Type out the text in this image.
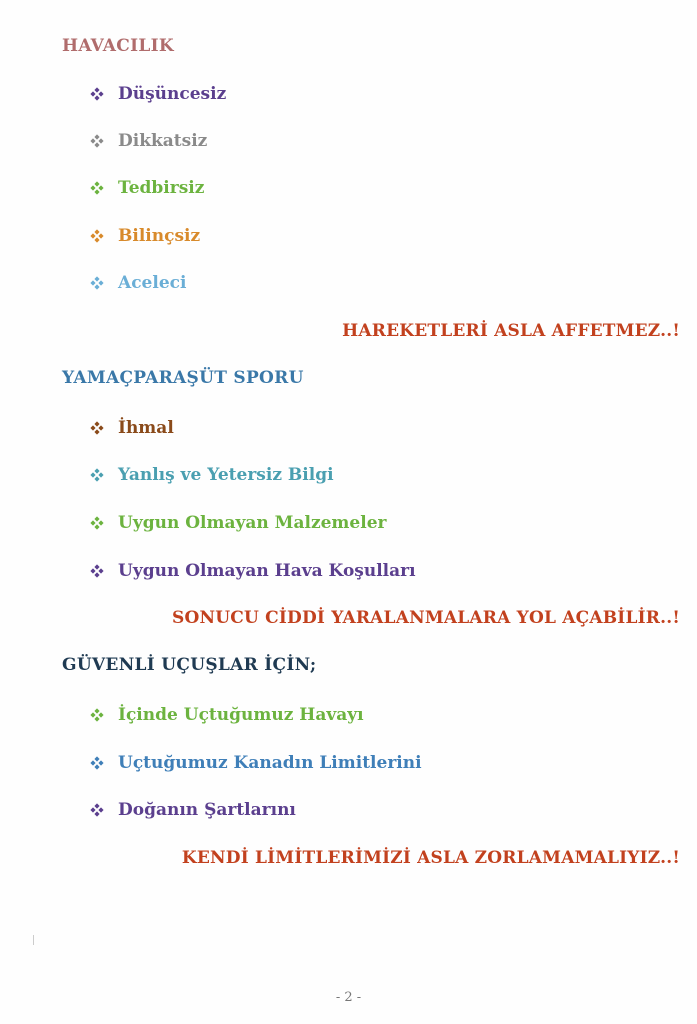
HAVACILIK
Düşüncesiz
Dikkatsiz
Tedbirsiz
Bilinçsiz
Aceleci
HAREKETLERİ ASLA AFFETMEZ..!
YAMAÇPARAŞÜT SPORU
İhmal
Yanlış ve Yetersiz Bilgi
Uygun Olmayan Malzemeler
Uygun Olmayan Hava Koşulları
SONUCU CİDDİ YARALANMALARA YOL AÇABİLİR..!
GÜVENLİ UÇUŞLAR İÇİN;
İçinde Uçtuğumuz Havayı
Uçtuğumuz Kanadın Limitlerini
Doğanın Şartlarını
KENDİ LİMİTLERİMİZİ ASLA ZORLAMAMALIYIZ..!
- 2 -
